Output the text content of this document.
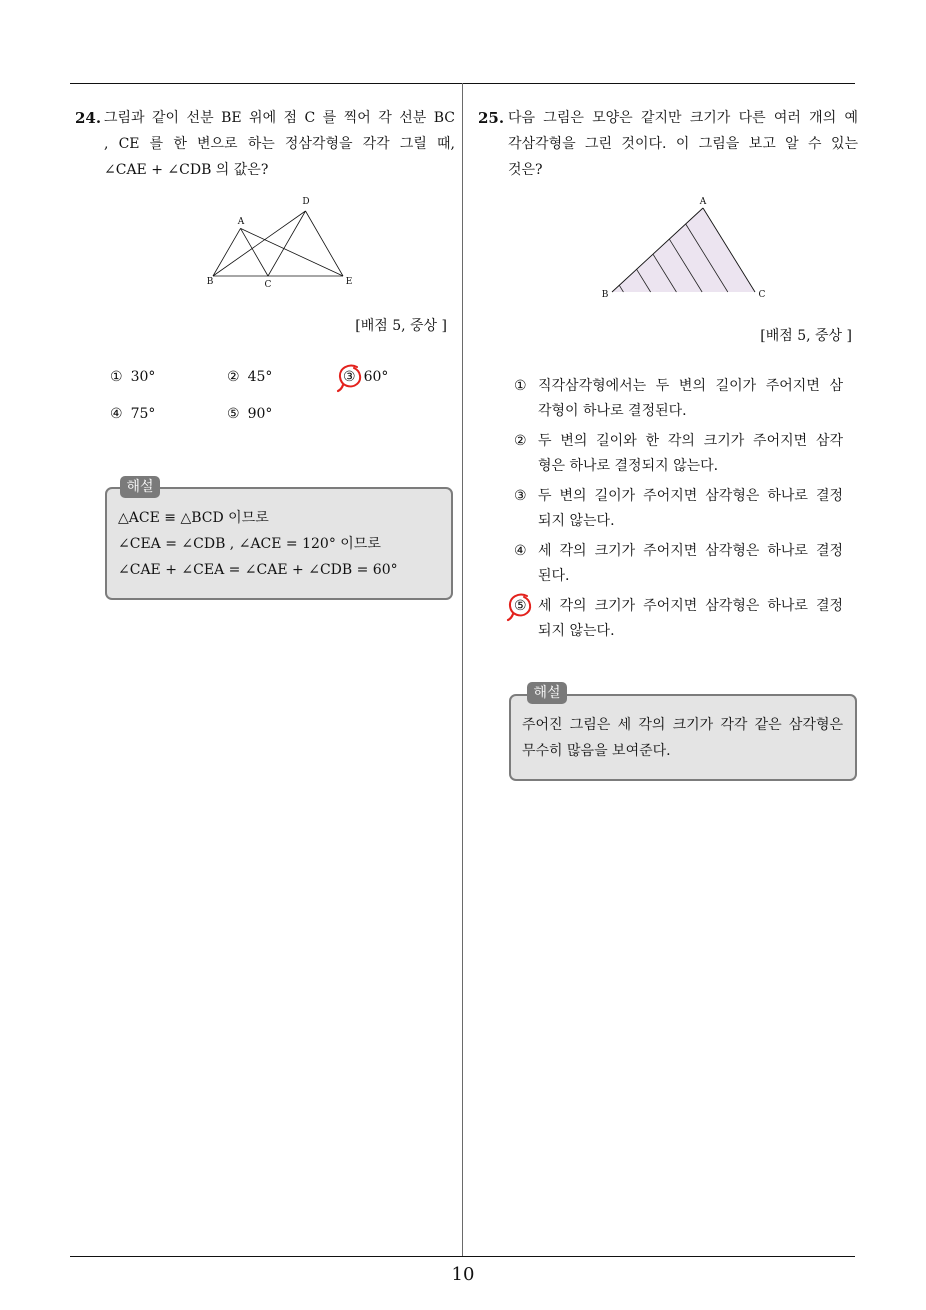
24. 그림과 같이 선분 BE 위에 점 C 를 찍어 각 선분 BC
, CE 를 한 변으로 하는 정삼각형을 각각 그릴 때,
∠CAE + ∠CDB 의 값은?
A
D
B	C	E
[배점 5, 중상 ]
① 30°	② 45°	③ 60°
④ 75°	⑤ 90°
△ACE ≡ △BCD 이므로
∠CEA = ∠CDB , ∠ACE = 120° 이므로
∠CAE + ∠CEA = ∠CAE + ∠CDB = 60°
해설
25. 다음 그림은 모양은 같지만 크기가 다른 여러 개의 예
각삼각형을 그린 것이다. 이 그림을 보고 알 수 있는
것은?
A
B	C
[배점 5, 중상 ]
① 직각삼각형에서는 두 변의 길이가 주어지면 삼
각형이 하나로 결정된다.
② 두 변의 길이와 한 각의 크기가 주어지면 삼각
형은 하나로 결정되지 않는다.
③ 두 변의 길이가 주어지면 삼각형은 하나로 결정
되지 않는다.
④ 세 각의 크기가 주어지면 삼각형은 하나로 결정
된다.
⑤ 세 각의 크기가 주어지면 삼각형은 하나로 결정
되지 않는다.
주어진 그림은 세 각의 크기가 각각 같은 삼각형은
무수히 많음을 보여준다.
해설
10
